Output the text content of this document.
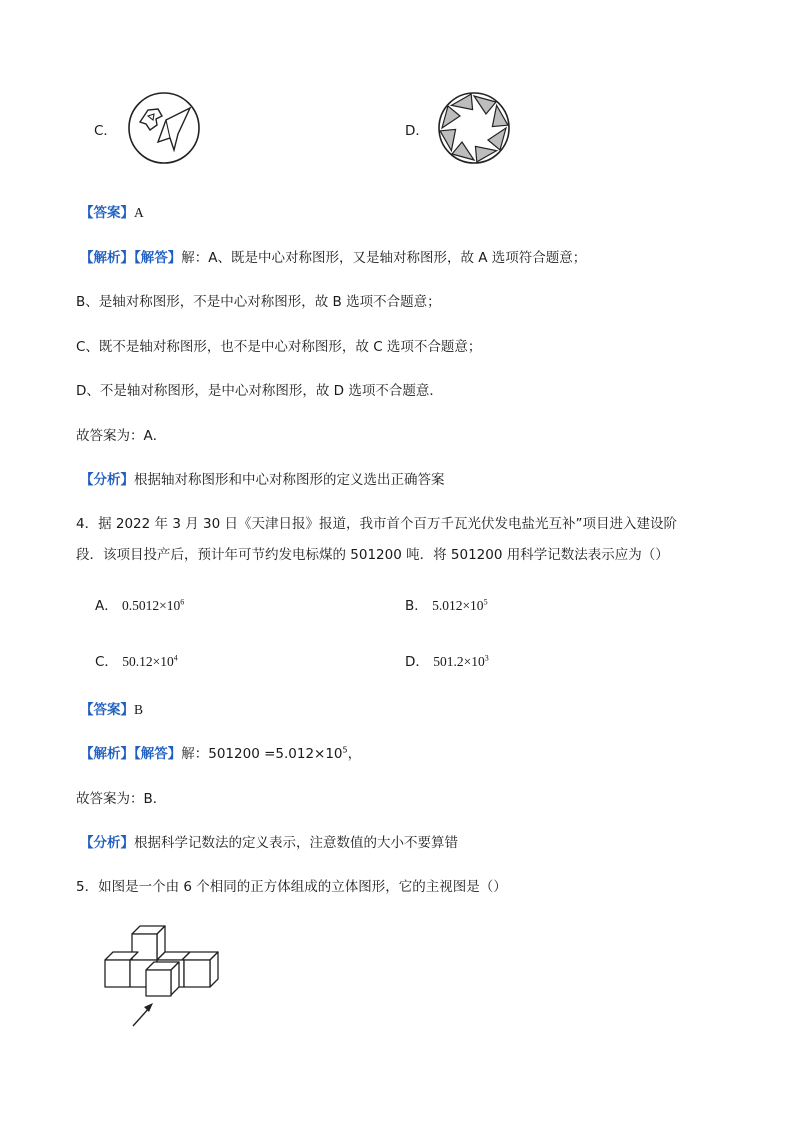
C．	D．
【答案】A
【解析】【解答】解：A、既是中心对称图形，又是轴对称图形，故 A 选项符合题意；
B、是轴对称图形，不是中心对称图形，故 B 选项不合题意；
C、既不是轴对称图形，也不是中心对称图形，故 C 选项不合题意；
D、不是轴对称图形，是中心对称图形，故 D 选项不合题意．
故答案为：A．
【分析】根据轴对称图形和中心对称图形的定义选出正确答案
4．据 2022 年 3 月 30 日《天津日报》报道，我市首个百万千瓦光伏发电盐光互补”项目进入建设阶
段．该项目投产后，预计年可节约发电标煤的 501200 吨．将 501200 用科学记数法表示应为（）
A． $0.5012\times 10^6$	B． $5.012\times 10^5$
C． $50.12\times 10^4$	D． $501.2\times 10^3$
【答案】B
【解析】【解答】解：$501200 =5.012\times 10^5$，
故答案为：B．
【分析】根据科学记数法的定义表示，注意数值的大小不要算错
5．如图是一个由 6 个相同的正方体组成的立体图形，它的主视图是（）
